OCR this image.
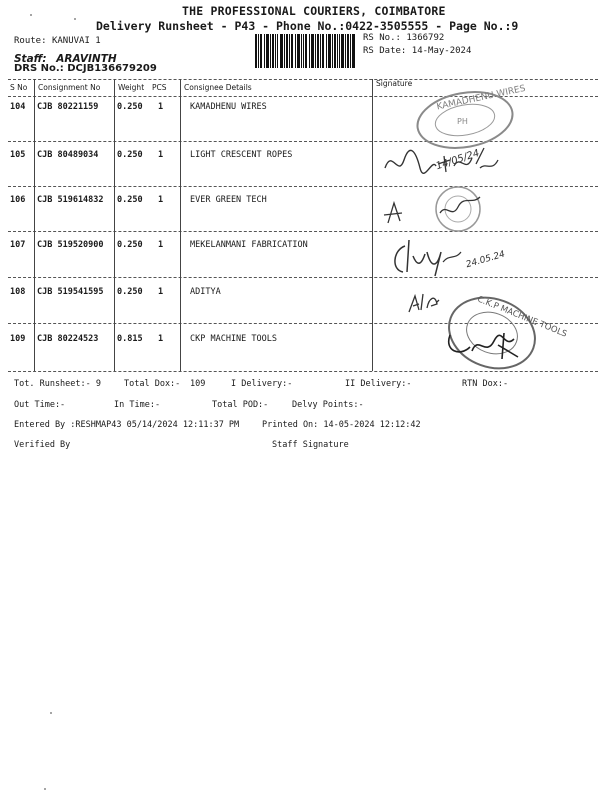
THE PROFESSIONAL COURIERS, COIMBATORE
Delivery Runsheet - P43 - Phone No.:0422-3505555 - Page No.:9
Route: KANUVAI 1
Staff: ARAVINTH
DRS No.: DCJB136679209
RS No.: 1366792
RS Date: 14-May-2024
S No Consignment No Weight PCS Consignee Details	Signature
104 CJB 80221159 0.250 1	KAMADHENU WIRES
105 CJB 80489034 0.250 1	LIGHT CRESCENT ROPES
106 CJB 519614832 0.250 1	EVER GREEN TECH
107 CJB 519520900 0.250 1	MEKELANMANI FABRICATION
108 CJB 519541595 0.250 1	ADITYA
109 CJB 80224523 0.815 1	CKP MACHINE TOOLS
KAMADHENU WIRES
PH
14/05/24
24.05.24
C.K.P MACHINE TOOLS
Tot. Runsheet:- 9	Total Dox:- 109	I Delivery:-	II Delivery:-	RTN Dox:-
Out Time:-	In Time:-	Total POD:-	Delvy Points:-
Entered By :RESHMAP43 05/14/2024 12:11:37 PM	Printed On: 14-05-2024 12:12:42
Verified By	Staff Signature
